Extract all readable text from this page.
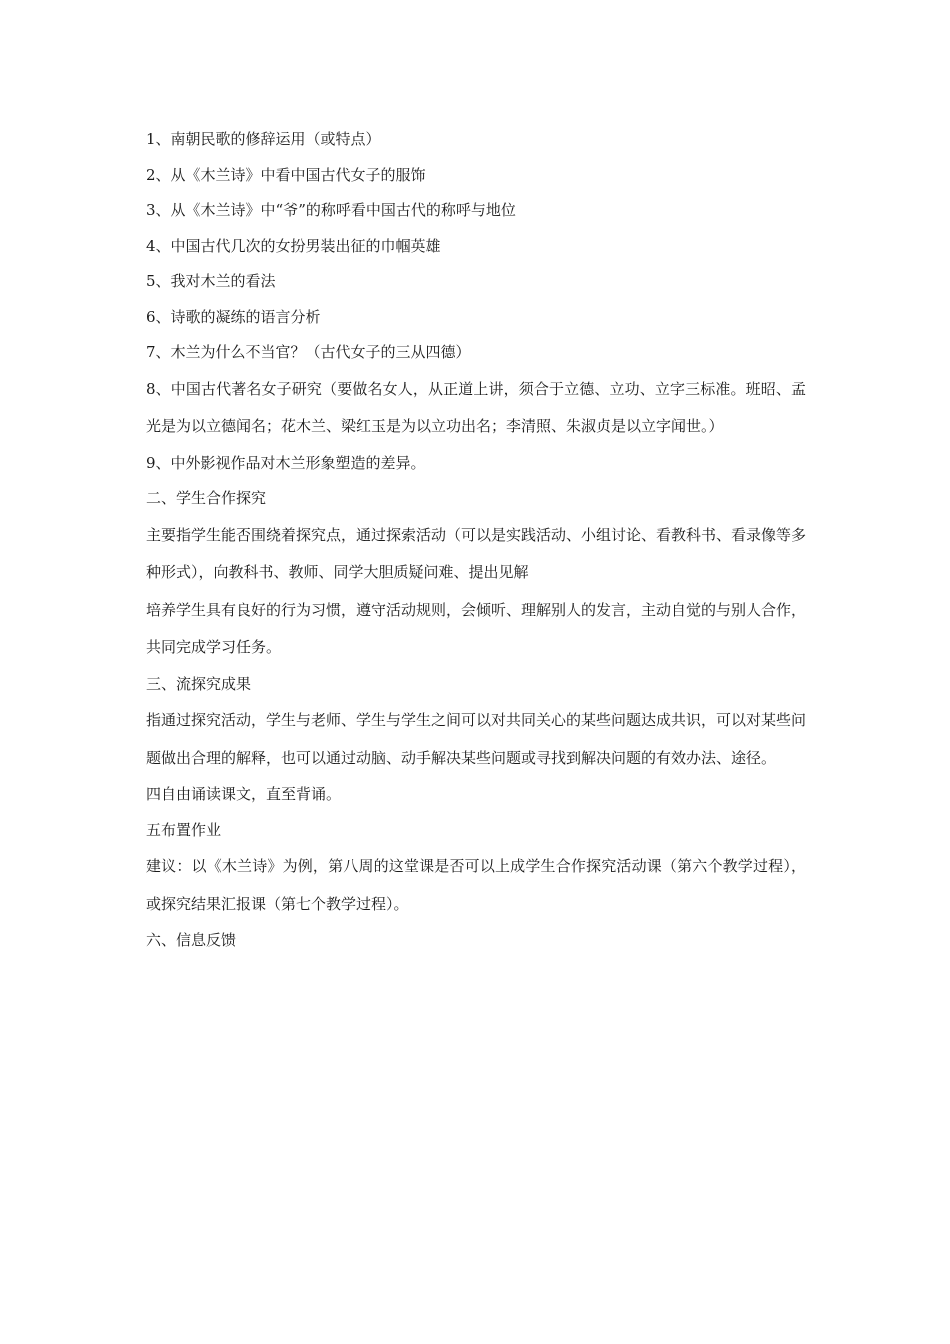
1、南朝民歌的修辞运用（或特点）

2、从《木兰诗》中看中国古代女子的服饰

3、从《木兰诗》中“爷”的称呼看中国古代的称呼与地位

4、中国古代几次的女扮男装出征的巾帼英雄

5、我对木兰的看法

6、诗歌的凝练的语言分析

7、木兰为什么不当官？（古代女子的三从四德）

8、中国古代著名女子研究（要做名女人，从正道上讲，须合于立德、立功、立字三标准。班昭、孟光是为以立德闻名；花木兰、梁红玉是为以立功出名；李清照、朱淑贞是以立字闻世。）

9、中外影视作品对木兰形象塑造的差异。

二、学生合作探究

主要指学生能否围绕着探究点，通过探索活动（可以是实践活动、小组讨论、看教科书、看录像等多种形式），向教科书、教师、同学大胆质疑问难、提出见解

培养学生具有良好的行为习惯，遵守活动规则，会倾听、理解别人的发言，主动自觉的与别人合作，共同完成学习任务。

三、流探究成果

指通过探究活动，学生与老师、学生与学生之间可以对共同关心的某些问题达成共识，可以对某些问题做出合理的解释，也可以通过动脑、动手解决某些问题或寻找到解决问题的有效办法、途径。

四自由诵读课文，直至背诵。

五布置作业

建议：以《木兰诗》为例，第八周的这堂课是否可以上成学生合作探究活动课（第六个教学过程），或探究结果汇报课（第七个教学过程）。

六、信息反馈
